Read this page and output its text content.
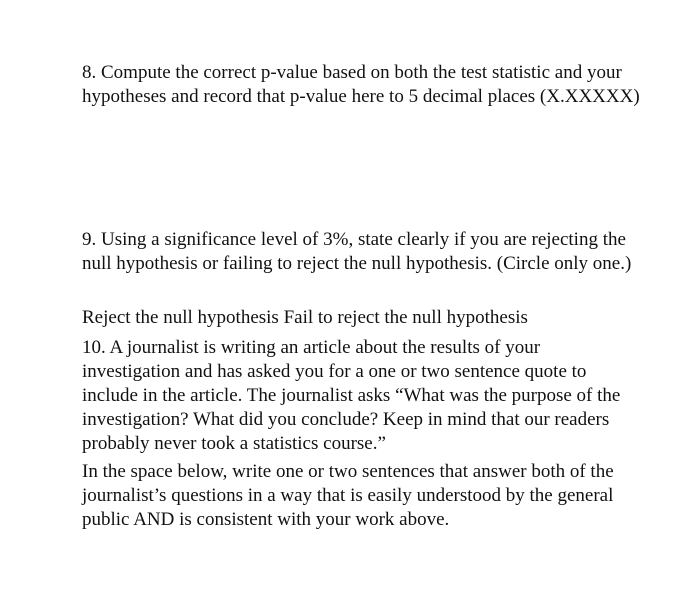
8. Compute the correct p-value based on both the test statistic and your hypotheses and record that p-value here to 5 decimal places (X.XXXXX)

9. Using a significance level of 3%, state clearly if you are rejecting the null hypothesis or failing to reject the null hypothesis. (Circle only one.)

Reject the null hypothesis Fail to reject the null hypothesis

10. A journalist is writing an article about the results of your investigation and has asked you for a one or two sentence quote to include in the article. The journalist asks “What was the purpose of the investigation? What did you conclude? Keep in mind that our readers probably never took a statistics course.”

In the space below, write one or two sentences that answer both of the journalist’s questions in a way that is easily understood by the general public AND is consistent with your work above.
